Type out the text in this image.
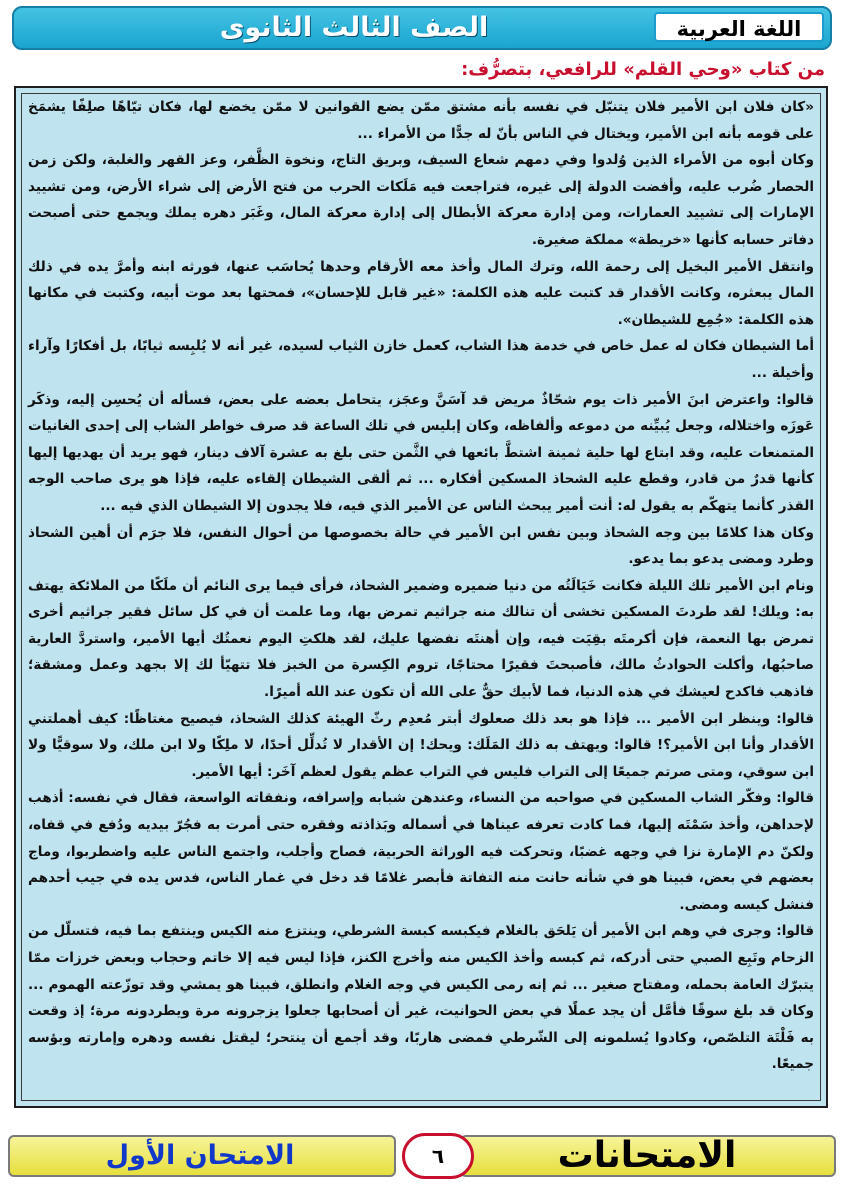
الصف الثالث الثانوى	اللغة العربية
من كتاب «وحي القلم» للرافعي، بتصرُّف:

«كان فلان ابن الأمير فلان يتنبّل في نفسه بأنه مشتق ممّن يضع القوانين لا ممّن يخضع لها، فكان تيّاهًا صلِفًا يشمَخ على قومه بأنه ابن الأمير، ويختال في الناس بأنّ له جدًّا من الأمراء ...

وكان أبوه من الأمراء الذين وُلدوا وفي دمهم شعاع السيف، وبريق التاج، ونخوة الظَّفر، وعز القهر والغلبة، ولكن زمن الحصار ضُرب عليه، وأفضت الدولة إلى غيره، فتراجعت فيه مَلَكات الحرب من فتح الأرض إلى شراء الأرض، ومن تشييد الإمارات إلى تشييد العمارات، ومن إدارة معركة الأبطال إلى إدارة معركة المال، وغَبَر دهره يملك ويجمع حتى أصبحت دفاتر حسابه كأنها «خريطة» مملكة صغيرة.

وانتقل الأمير البخيل إلى رحمة الله، وترك المال وأخذ معه الأرقام وحدها يُحاسَب عنها، فورثه ابنه وأمرَّ يده في ذلك المال يبعثره، وكانت الأقدار قد كتبت عليه هذه الكلمة: «غير قابل للإحسان»، فمحتها بعد موت أبيه، وكتبت في مكانها هذه الكلمة: «جُمِع للشيطان».

أما الشيطان فكان له عمل خاص في خدمة هذا الشاب، كعمل خازن الثياب لسيده، غير أنه لا يُلبِسه ثيابًا، بل أفكارًا وآراء وأخيلة ...

قالوا: واعترض ابنَ الأمير ذات يوم شحّاذٌ مريض قد آسَنَّ وعجَز، يتحامل بعضه على بعض، فسأله أن يُحسِن إليه، وذكَر عَوزَه واختلاله، وجعل يُبيِّنه من دموعه وألفاظه، وكان إبليس في تلك الساعة قد صرف خواطر الشاب إلى إحدى الغانيات المتمنعات عليه، وقد ابتاع لها حلية ثمينة اشتطَّ بائعها في الثَّمن حتى بلغ به عشرة آلاف دينار، فهو يريد أن يهديها إليها كأنها قدرٌ من قادر، وقطع عليه الشحاذ المسكين أفكاره ... ثم ألقى الشيطان إلقاءه عليه، فإذا هو يرى صاحب الوجه القذر كأنما يتهكّم به يقول له: أنت أمير يبحث الناس عن الأمير الذي فيه، فلا يجدون إلا الشيطان الذي فيه ...

وكان هذا كلامًا بين وجه الشحاذ وبين نفس ابن الأمير في حالة بخصوصها من أحوال النفس، فلا جرَم أن أهين الشحاذ وطرد ومضى يدعو بما يدعو.

ونام ابن الأمير تلك الليلة فكانت خَيَالَتُه من دنيا ضميره وضمير الشحاذ، فرأى فيما يرى النائم أن ملَكًا من الملائكة يهتف به: ويلك! لقد طردتَ المسكين تخشى أن تنالك منه جراثيم تمرض بها، وما علمت أن في كل سائل فقير جراثيم أخرى تمرض بها النعمة، فإن أكرمتَه بقِيَت فيه، وإن أهنتَه نفضها عليك، لقد هلكتِ اليوم نعمتُك أيها الأمير، واستردَّ العارية صاحبُها، وأكلت الحوادثُ مالك، فأصبحتَ فقيرًا محتاجًا، تروم الكِسرة من الخبز فلا تتهيّأ لك إلا بجهد وعمل ومشقة؛ فاذهب فاكدح لعيشك في هذه الدنيا، فما لأبيك حقٌّ على الله أن تكون عند الله أميرًا.

قالوا: وينظر ابن الأمير ... فإذا هو بعد ذلك صعلوك أبتر مُعدِم رثّ الهيئة كذلك الشحاذ، فيصيح مغتاظًا: كيف أهملتني الأقدار وأنا ابن الأمير؟! قالوا: ويهتف به ذلك المَلَك: ويحك! إن الأقدار لا تُدلِّل أحدًا، لا ملِكًا ولا ابن ملك، ولا سوقيًّا ولا ابن سوقي، ومتى صرتم جميعًا إلى التراب فليس في التراب عظم يقول لعظم آخَر: أيها الأمير.

قالوا: وفكّر الشاب المسكين في صواحبه من النساء، وعندهن شبابه وإسرافه، ونفقاته الواسعة، فقال في نفسه: أذهب لإحداهن، وأخذ سَمْتَه إليها، فما كادت تعرفه عيناها في أسماله وبَذاذته وفقره حتى أمرت به فجُرّ بيديه ودُفع في قفاه، ولكنّ دم الإمارة نزا في وجهه غضبًا، وتحركت فيه الوراثة الحربية، فصاح وأجلب، واجتمع الناس عليه واضطربوا، وماج بعضهم في بعض، فبينا هو في شأنه حانت منه التفاتة فأبصر غلامًا قد دخل في غمار الناس، فدس يده في جيب أحدهم فنشل كيسه ومضى.

قالوا: وجرى في وهم ابن الأمير أن يَلحَق بالغلام فيكبسه كبسة الشرطي، وينتزع منه الكيس وينتفع بما فيه، فتسلّل من الزحام وتَبِع الصبي حتى أدركه، ثم كبسه وأخذ الكيس منه وأخرج الكنز، فإذا ليس فيه إلا خاتم وحجاب وبعض خرزات ممّا يتبرّك العامة بحمله، ومفتاح صغير ... ثم إنه رمى الكيس في وجه الغلام وانطلق، فبينا هو يمشي وقد توزّعته الهموم ... وكان قد بلغ سوقًا فأمَّل أن يجد عملًا في بعض الحوانيت، غير أن أصحابها جعلوا يزجرونه مرة ويطردونه مرة؛ إذ وقعت به فَلْتَة التلصّص، وكادوا يُسلمونه إلى الشّرطي فمضى هاربًا، وقد أجمع أن ينتحر؛ ليقتل نفسه ودهره وإمارته وبؤسه جميعًا.

الامتحان الأول	الامتحانات
٦
